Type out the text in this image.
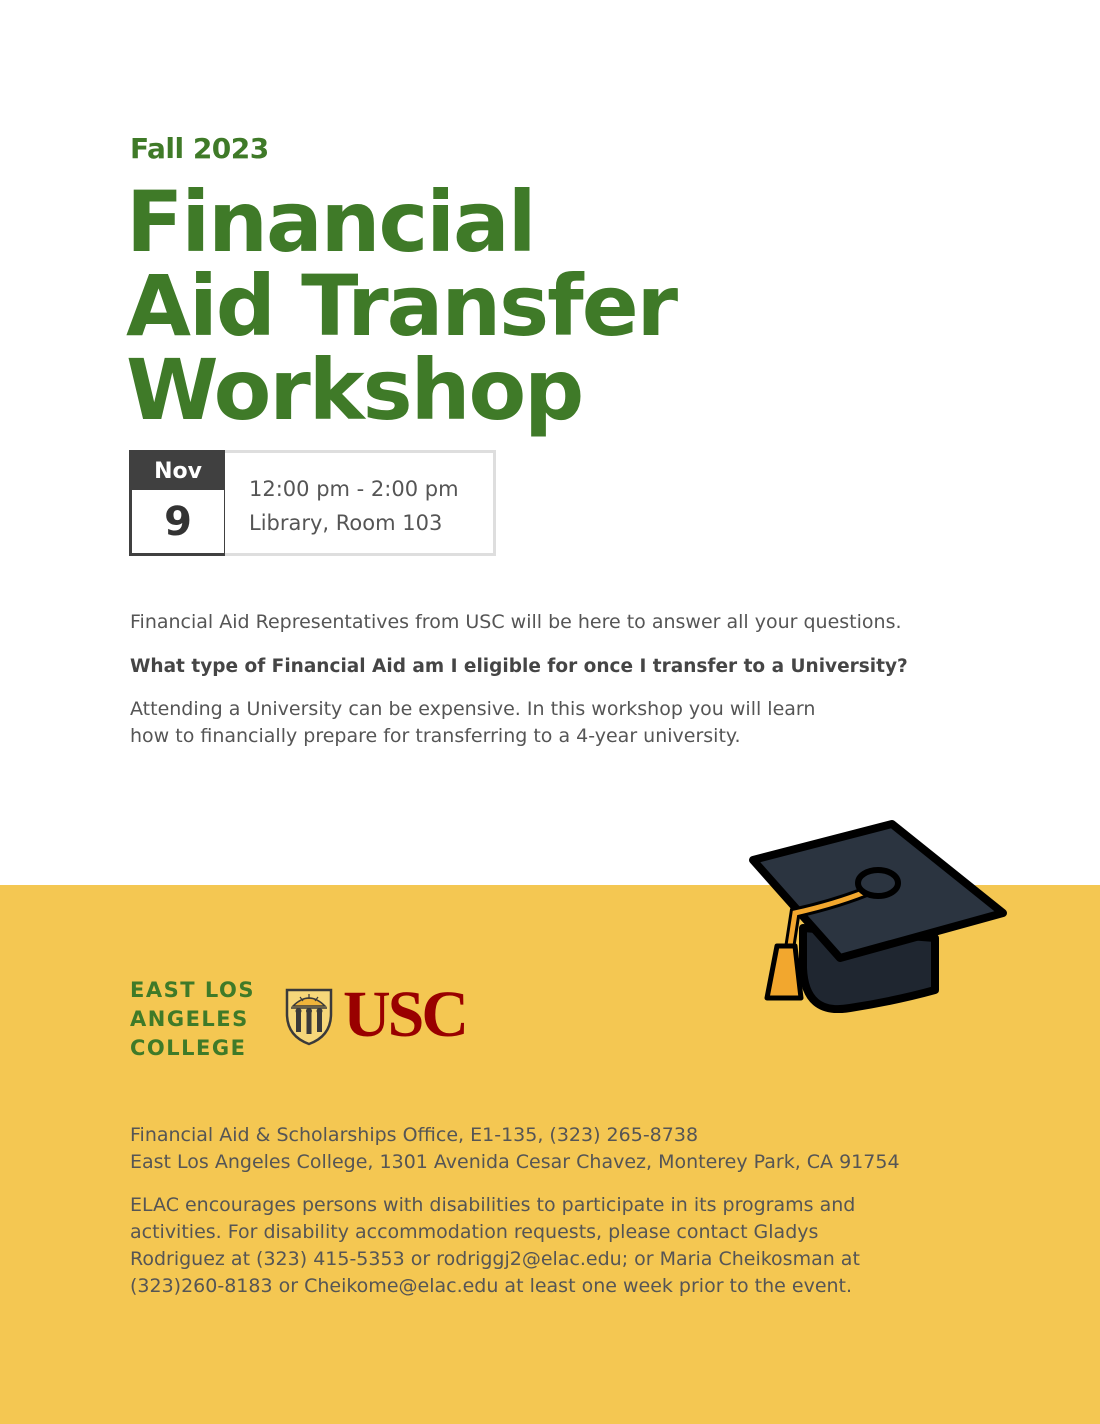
Fall 2023
Financial
Aid Transfer
Workshop
Nov
9
12:00 pm - 2:00 pm
Library, Room 103

Financial Aid Representatives from USC will be here to answer all your questions.

What type of Financial Aid am I eligible for once I transfer to a University?

Attending a University can be expensive. In this workshop you will learn
how to financially prepare for transferring to a 4-year university.

EAST LOS
ANGELES
COLLEGE USC

Financial Aid & Scholarships Office, E1-135, (323) 265-8738
East Los Angeles College, 1301 Avenida Cesar Chavez, Monterey Park, CA 91754

ELAC encourages persons with disabilities to participate in its programs and
activities. For disability accommodation requests, please contact Gladys
Rodriguez at (323) 415-5353 or rodriggj2@elac.edu; or Maria Cheikosman at
(323)260-8183 or Cheikome@elac.edu at least one week prior to the event.
